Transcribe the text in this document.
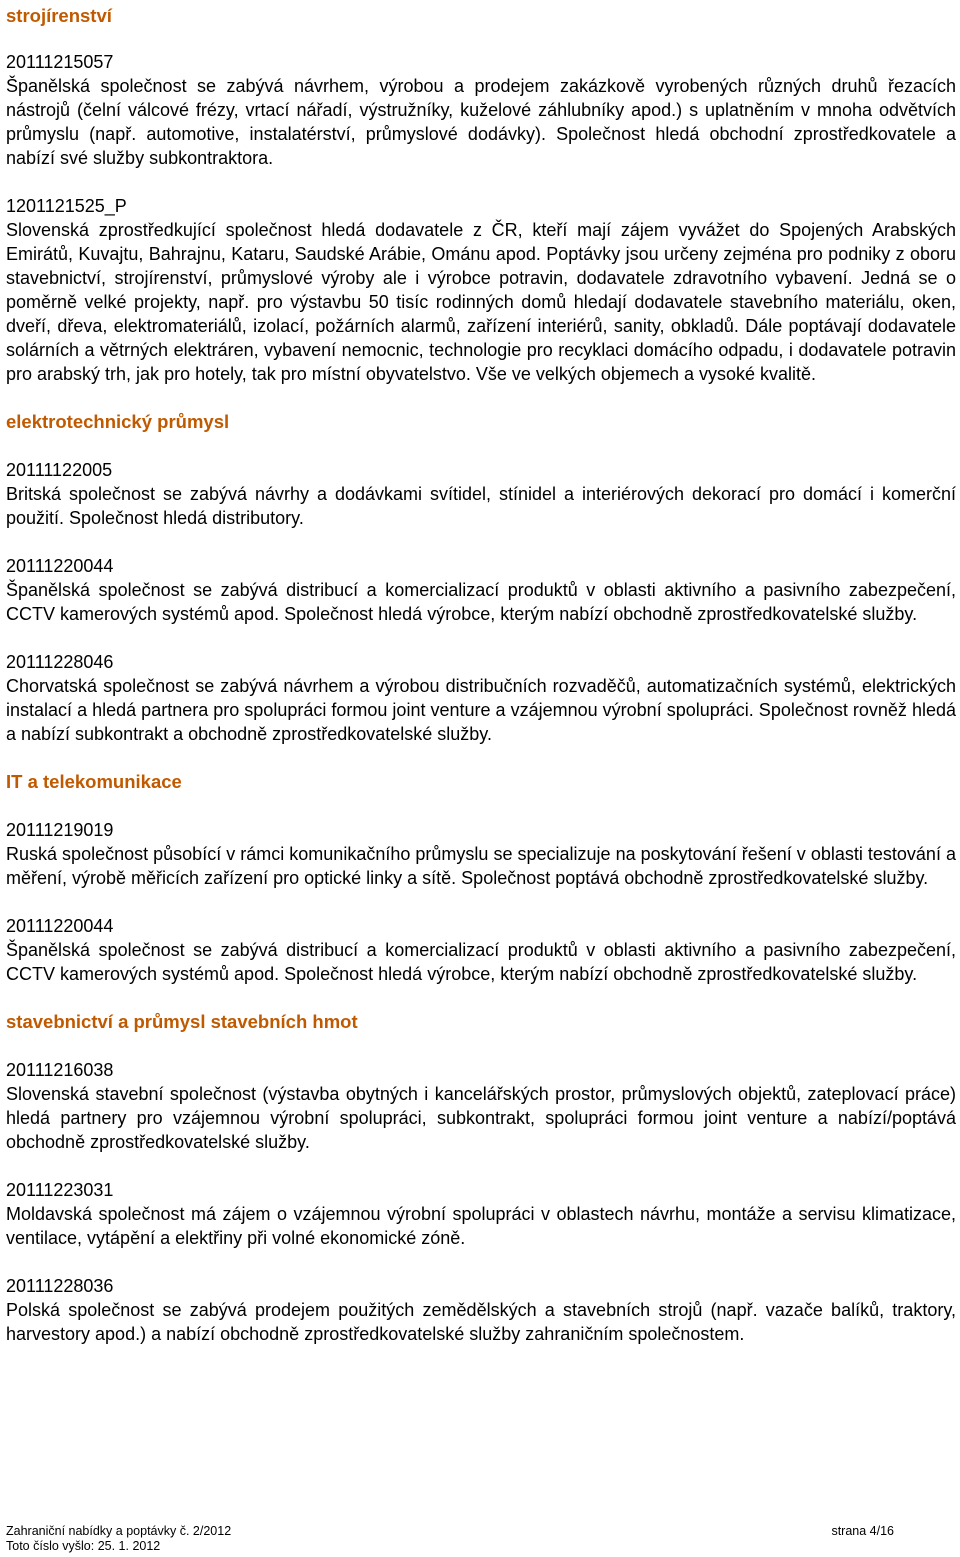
strojírenství

20111215057

Španělská společnost se zabývá návrhem, výrobou a prodejem zakázkově vyrobených různých druhů řezacích nástrojů (čelní válcové frézy, vrtací nářadí, výstružníky, kuželové záhlubníky apod.) s uplatněním v mnoha odvětvích průmyslu (např. automotive, instalatérství, průmyslové dodávky). Společnost hledá obchodní zprostředkovatele a nabízí své služby subkontraktora.

1201121525_P

Slovenská zprostředkující společnost hledá dodavatele z ČR, kteří mají zájem vyvážet do Spojených Arabských Emirátů, Kuvajtu, Bahrajnu, Kataru, Saudské Arábie, Ománu apod. Poptávky jsou určeny zejména pro podniky z oboru stavebnictví, strojírenství, průmyslové výroby ale i výrobce potravin, dodavatele zdravotního vybavení. Jedná se o poměrně velké projekty, např. pro výstavbu 50 tisíc rodinných domů hledají dodavatele stavebního materiálu, oken, dveří, dřeva, elektromateriálů, izolací, požárních alarmů, zařízení interiérů, sanity, obkladů. Dále poptávají dodavatele solárních a větrných elektráren, vybavení nemocnic, technologie pro recyklaci domácího odpadu, i dodavatele potravin pro arabský trh, jak pro hotely, tak pro místní obyvatelstvo. Vše ve velkých objemech a vysoké kvalitě.

elektrotechnický průmysl

20111122005

Britská společnost se zabývá návrhy a dodávkami svítidel, stínidel a interiérových dekorací pro domácí i komerční použití. Společnost hledá distributory.

20111220044

Španělská společnost se zabývá distribucí a komercializací produktů v oblasti aktivního a pasivního zabezpečení, CCTV kamerových systémů apod. Společnost hledá výrobce, kterým nabízí obchodně zprostředkovatelské služby.

20111228046

Chorvatská společnost se zabývá návrhem a výrobou distribučních rozvaděčů, automatizačních systémů, elektrických instalací a hledá partnera pro spolupráci formou joint venture a vzájemnou výrobní spolupráci. Společnost rovněž hledá a nabízí subkontrakt a obchodně zprostředkovatelské služby.

IT a telekomunikace

20111219019

Ruská společnost působící v rámci komunikačního průmyslu se specializuje na poskytování řešení v oblasti testování a měření, výrobě měřicích zařízení pro optické linky a sítě. Společnost poptává obchodně zprostředkovatelské služby.

20111220044

Španělská společnost se zabývá distribucí a komercializací produktů v oblasti aktivního a pasivního zabezpečení, CCTV kamerových systémů apod. Společnost hledá výrobce, kterým nabízí obchodně zprostředkovatelské služby.

stavebnictví a průmysl stavebních hmot

20111216038

Slovenská stavební společnost (výstavba obytných i kancelářských prostor, průmyslových objektů, zateplovací práce) hledá partnery pro vzájemnou výrobní spolupráci, subkontrakt, spolupráci formou joint venture a nabízí/poptává obchodně zprostředkovatelské služby.

20111223031

Moldavská společnost má zájem o vzájemnou výrobní spolupráci v oblastech návrhu, montáže a servisu klimatizace, ventilace, vytápění a elektřiny při volné ekonomické zóně.

20111228036

Polská společnost se zabývá prodejem použitých zemědělských a stavebních strojů (např. vazače balíků, traktory, harvestory apod.) a nabízí obchodně zprostředkovatelské služby zahraničním společnostem.

Zahraniční nabídky a poptávky č. 2/2012	strana 4/16
Toto číslo vyšlo: 25. 1. 2012
